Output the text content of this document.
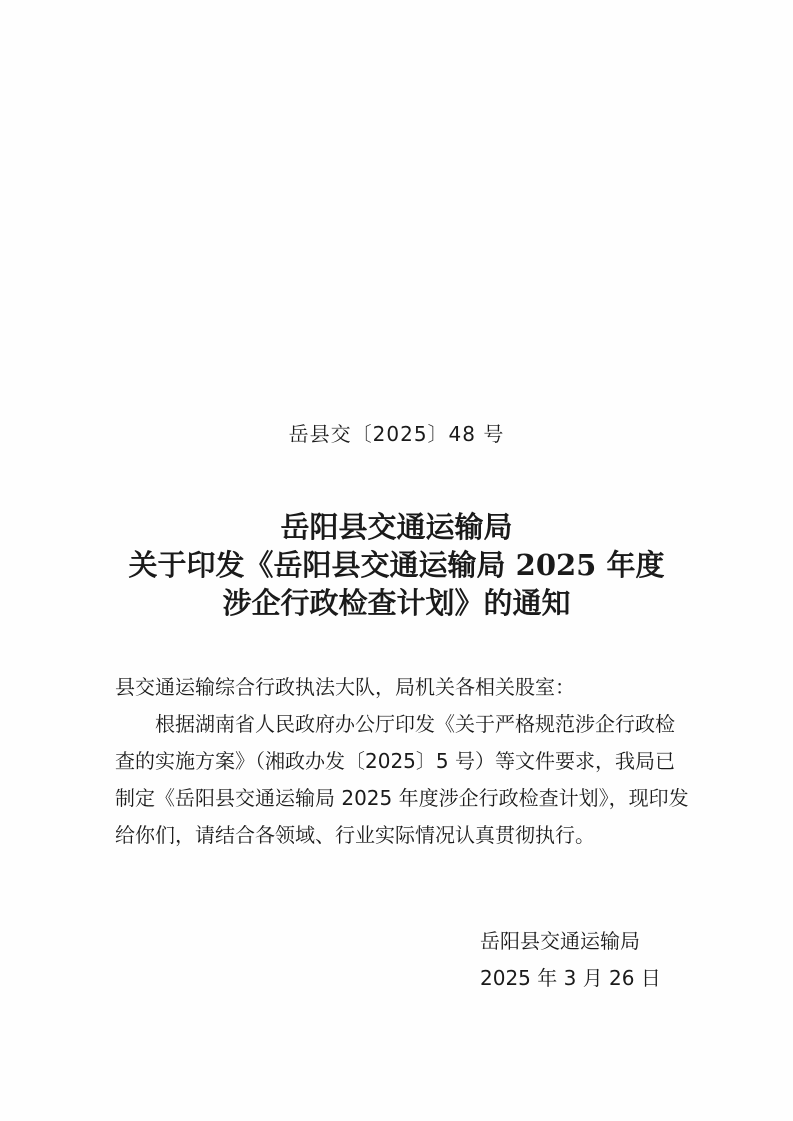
岳县交〔2025〕48 号
岳阳县交通运输局
关于印发《岳阳县交通运输局 2025 年度
涉企行政检查计划》的通知
县交通运输综合行政执法大队，局机关各相关股室：
　　根据湖南省人民政府办公厅印发《关于严格规范涉企行政检
查的实施方案》（湘政办发〔2025〕5 号）等文件要求，我局已
制定《岳阳县交通运输局 2025 年度涉企行政检查计划》，现印发
给你们，请结合各领域、行业实际情况认真贯彻执行。
岳阳县交通运输局
2025 年 3 月 26 日
